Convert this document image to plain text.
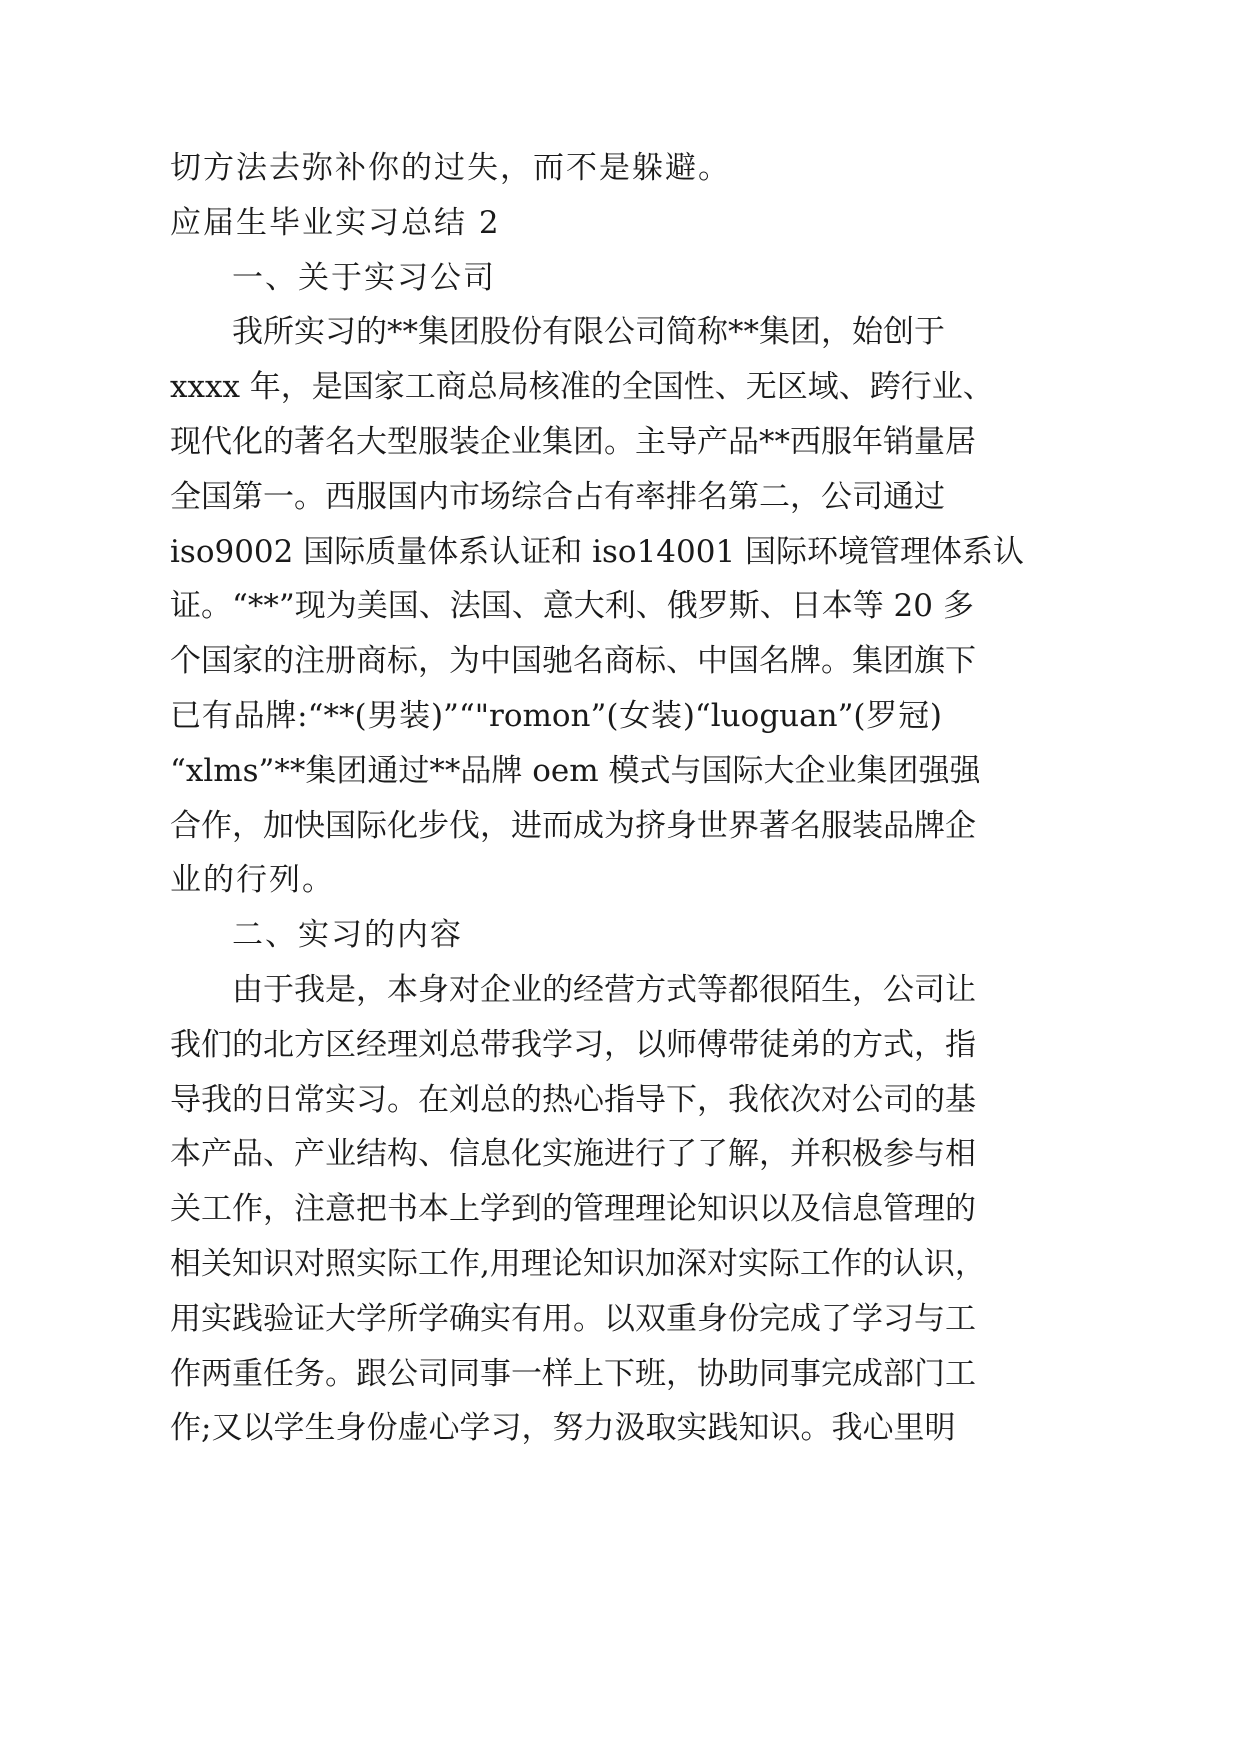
切方法去弥补你的过失，而不是躲避。
应届生毕业实习总结 2
一、关于实习公司
我所实习的**集团股份有限公司简称**集团，始创于
xxxx 年，是国家工商总局核准的全国性、无区域、跨行业、
现代化的著名大型服装企业集团。主导产品**西服年销量居
全国第一。西服国内市场综合占有率排名第二，公司通过
iso9002 国际质量体系认证和 iso14001 国际环境管理体系认
证。“**”现为美国、法国、意大利、俄罗斯、日本等 20 多
个国家的注册商标，为中国驰名商标、中国名牌。集团旗下
已有品牌:“**(男装)”“"romon”(女装)“luoguan”(罗冠)
“xlms”**集团通过**品牌 oem 模式与国际大企业集团强强
合作，加快国际化步伐，进而成为挤身世界著名服装品牌企
业的行列。
二、实习的内容
由于我是，本身对企业的经营方式等都很陌生，公司让
我们的北方区经理刘总带我学习，以师傅带徒弟的方式，指
导我的日常实习。在刘总的热心指导下，我依次对公司的基
本产品、产业结构、信息化实施进行了了解，并积极参与相
关工作，注意把书本上学到的管理理论知识以及信息管理的
相关知识对照实际工作,用理论知识加深对实际工作的认识，
用实践验证大学所学确实有用。以双重身份完成了学习与工
作两重任务。跟公司同事一样上下班，协助同事完成部门工
作;又以学生身份虚心学习，努力汲取实践知识。我心里明
